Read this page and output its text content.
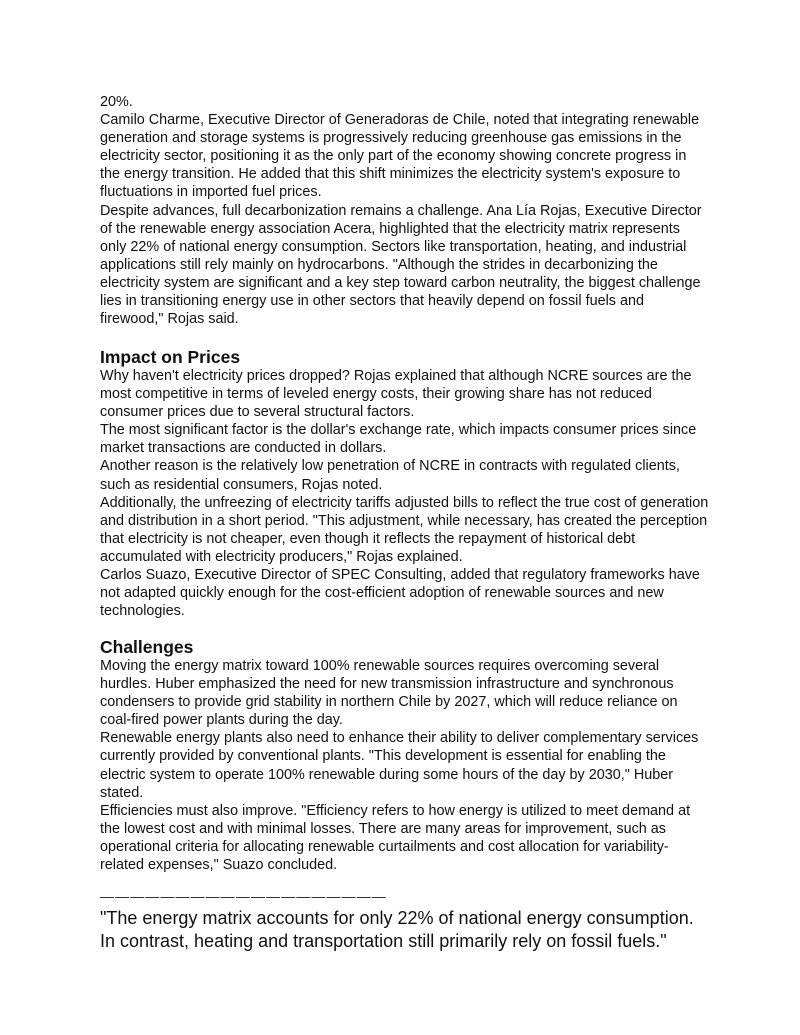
20%.

Camilo Charme, Executive Director of Generadoras de Chile, noted that integrating renewable generation and storage systems is progressively reducing greenhouse gas emissions in the electricity sector, positioning it as the only part of the economy showing concrete progress in the energy transition. He added that this shift minimizes the electricity system's exposure to fluctuations in imported fuel prices.

Despite advances, full decarbonization remains a challenge. Ana Lía Rojas, Executive Director of the renewable energy association Acera, highlighted that the electricity matrix represents only 22% of national energy consumption. Sectors like transportation, heating, and industrial applications still rely mainly on hydrocarbons. "Although the strides in decarbonizing the electricity system are significant and a key step toward carbon neutrality, the biggest challenge lies in transitioning energy use in other sectors that heavily depend on fossil fuels and firewood," Rojas said.

Impact on Prices

Why haven't electricity prices dropped? Rojas explained that although NCRE sources are the most competitive in terms of leveled energy costs, their growing share has not reduced consumer prices due to several structural factors.

The most significant factor is the dollar's exchange rate, which impacts consumer prices since market transactions are conducted in dollars.

Another reason is the relatively low penetration of NCRE in contracts with regulated clients, such as residential consumers, Rojas noted.

Additionally, the unfreezing of electricity tariffs adjusted bills to reflect the true cost of generation and distribution in a short period. "This adjustment, while necessary, has created the perception that electricity is not cheaper, even though it reflects the repayment of historical debt accumulated with electricity producers," Rojas explained.

Carlos Suazo, Executive Director of SPEC Consulting, added that regulatory frameworks have not adapted quickly enough for the cost-efficient adoption of renewable sources and new technologies.

Challenges

Moving the energy matrix toward 100% renewable sources requires overcoming several hurdles. Huber emphasized the need for new transmission infrastructure and synchronous condensers to provide grid stability in northern Chile by 2027, which will reduce reliance on coal-fired power plants during the day.

Renewable energy plants also need to enhance their ability to deliver complementary services currently provided by conventional plants. "This development is essential for enabling the electric system to operate 100% renewable during some hours of the day by 2030," Huber stated.

Efficiencies must also improve. "Efficiency refers to how energy is utilized to meet demand at the lowest cost and with minimal losses. There are many areas for improvement, such as operational criteria for allocating renewable curtailments and cost allocation for variability-related expenses," Suazo concluded.

———————————————————
"The energy matrix accounts for only 22% of national energy consumption.
In contrast, heating and transportation still primarily rely on fossil fuels."
